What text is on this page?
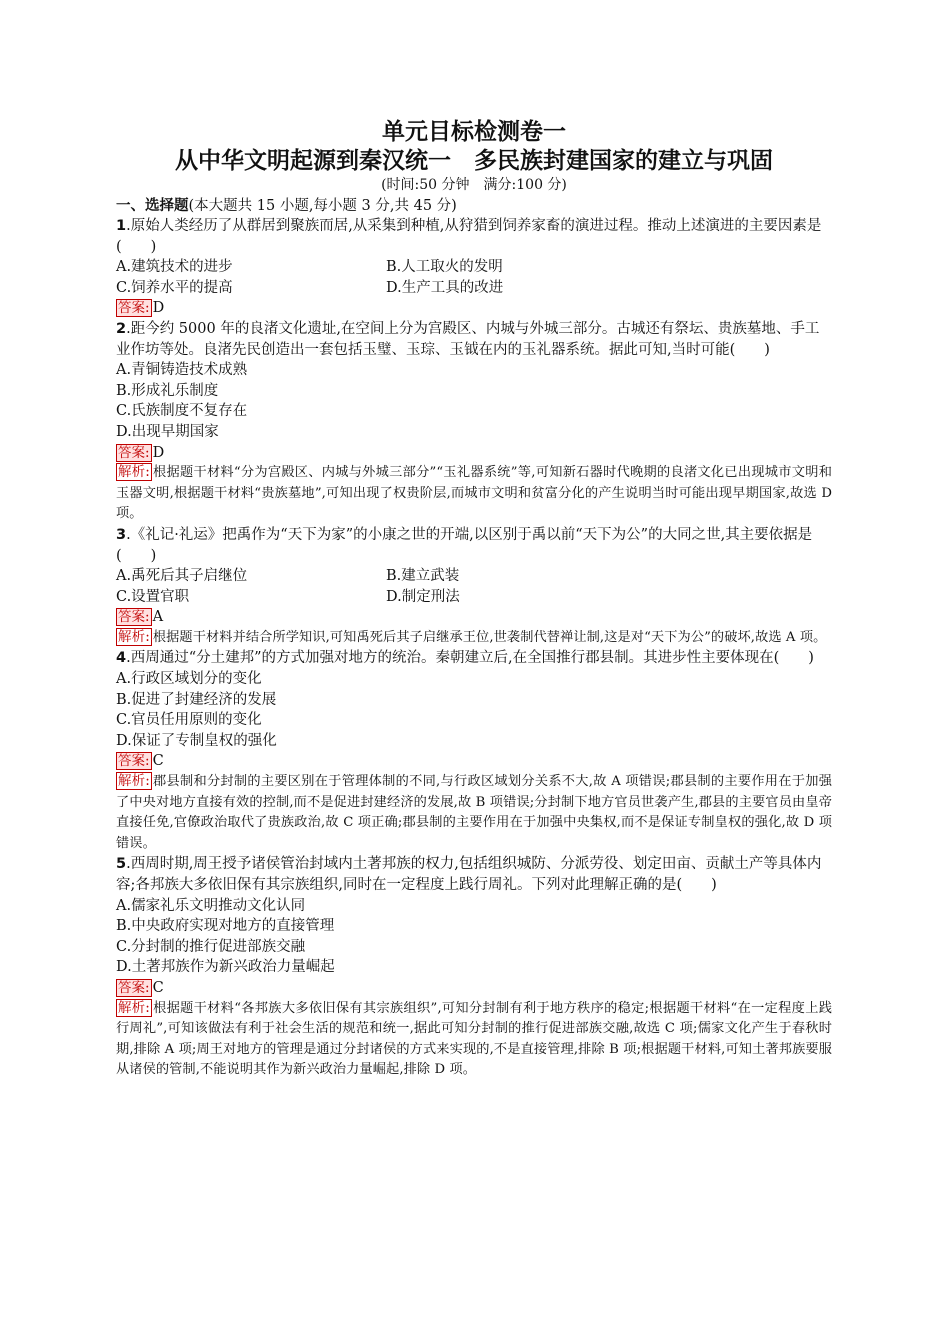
单元目标检测卷一

从中华文明起源到秦汉统一　多民族封建国家的建立与巩固

(时间:50 分钟　满分:100 分)

一、选择题(本大题共 15 小题,每小题 3 分,共 45 分)

1.原始人类经历了从群居到聚族而居,从采集到种植,从狩猎到饲养家畜的演进过程。推动上述演进的主要因素是(　　)

A.建筑技术的进步	B.人工取火的发明
C.饲养水平的提高	D.生产工具的改进

答案: D

2.距今约 5000 年的良渚文化遗址,在空间上分为宫殿区、内城与外城三部分。古城还有祭坛、贵族墓地、手工业作坊等处。良渚先民创造出一套包括玉璧、玉琮、玉钺在内的玉礼器系统。据此可知,当时可能(　　)

A.青铜铸造技术成熟

B.形成礼乐制度

C.氏族制度不复存在

D.出现早期国家

答案: D

解析: 根据题干材料“分为宫殿区、内城与外城三部分”“玉礼器系统”等,可知新石器时代晚期的良渚文化已出现城市文明和玉器文明,根据题干材料“贵族墓地”,可知出现了权贵阶层,而城市文明和贫富分化的产生说明当时可能出现早期国家,故选 D 项。

3.《礼记·礼运》把禹作为“天下为家”的小康之世的开端,以区别于禹以前“天下为公”的大同之世,其主要依据是(　　)

A.禹死后其子启继位	B.建立武装
C.设置官职	D.制定刑法

答案: A

解析: 根据题干材料并结合所学知识,可知禹死后其子启继承王位,世袭制代替禅让制,这是对“天下为公”的破坏,故选 A 项。

4.西周通过“分土建邦”的方式加强对地方的统治。秦朝建立后,在全国推行郡县制。其进步性主要体现在(　　)

A.行政区域划分的变化

B.促进了封建经济的发展

C.官员任用原则的变化

D.保证了专制皇权的强化

答案: C

解析: 郡县制和分封制的主要区别在于管理体制的不同,与行政区域划分关系不大,故 A 项错误;郡县制的主要作用在于加强了中央对地方直接有效的控制,而不是促进封建经济的发展,故 B 项错误;分封制下地方官员世袭产生,郡县的主要官员由皇帝直接任免,官僚政治取代了贵族政治,故 C 项正确;郡县制的主要作用在于加强中央集权,而不是保证专制皇权的强化,故 D 项错误。

5.西周时期,周王授予诸侯管治封域内土著邦族的权力,包括组织城防、分派劳役、划定田亩、贡献土产等具体内容;各邦族大多依旧保有其宗族组织,同时在一定程度上践行周礼。下列对此理解正确的是(　　)

A.儒家礼乐文明推动文化认同

B.中央政府实现对地方的直接管理

C.分封制的推行促进部族交融

D.土著邦族作为新兴政治力量崛起

答案: C

解析: 根据题干材料“各邦族大多依旧保有其宗族组织”,可知分封制有利于地方秩序的稳定;根据题干材料“在一定程度上践行周礼”,可知该做法有利于社会生活的规范和统一,据此可知分封制的推行促进部族交融,故选 C 项;儒家文化产生于春秋时期,排除 A 项;周王对地方的管理是通过分封诸侯的方式来实现的,不是直接管理,排除 B 项;根据题干材料,可知土著邦族要服从诸侯的管制,不能说明其作为新兴政治力量崛起,排除 D 项。
